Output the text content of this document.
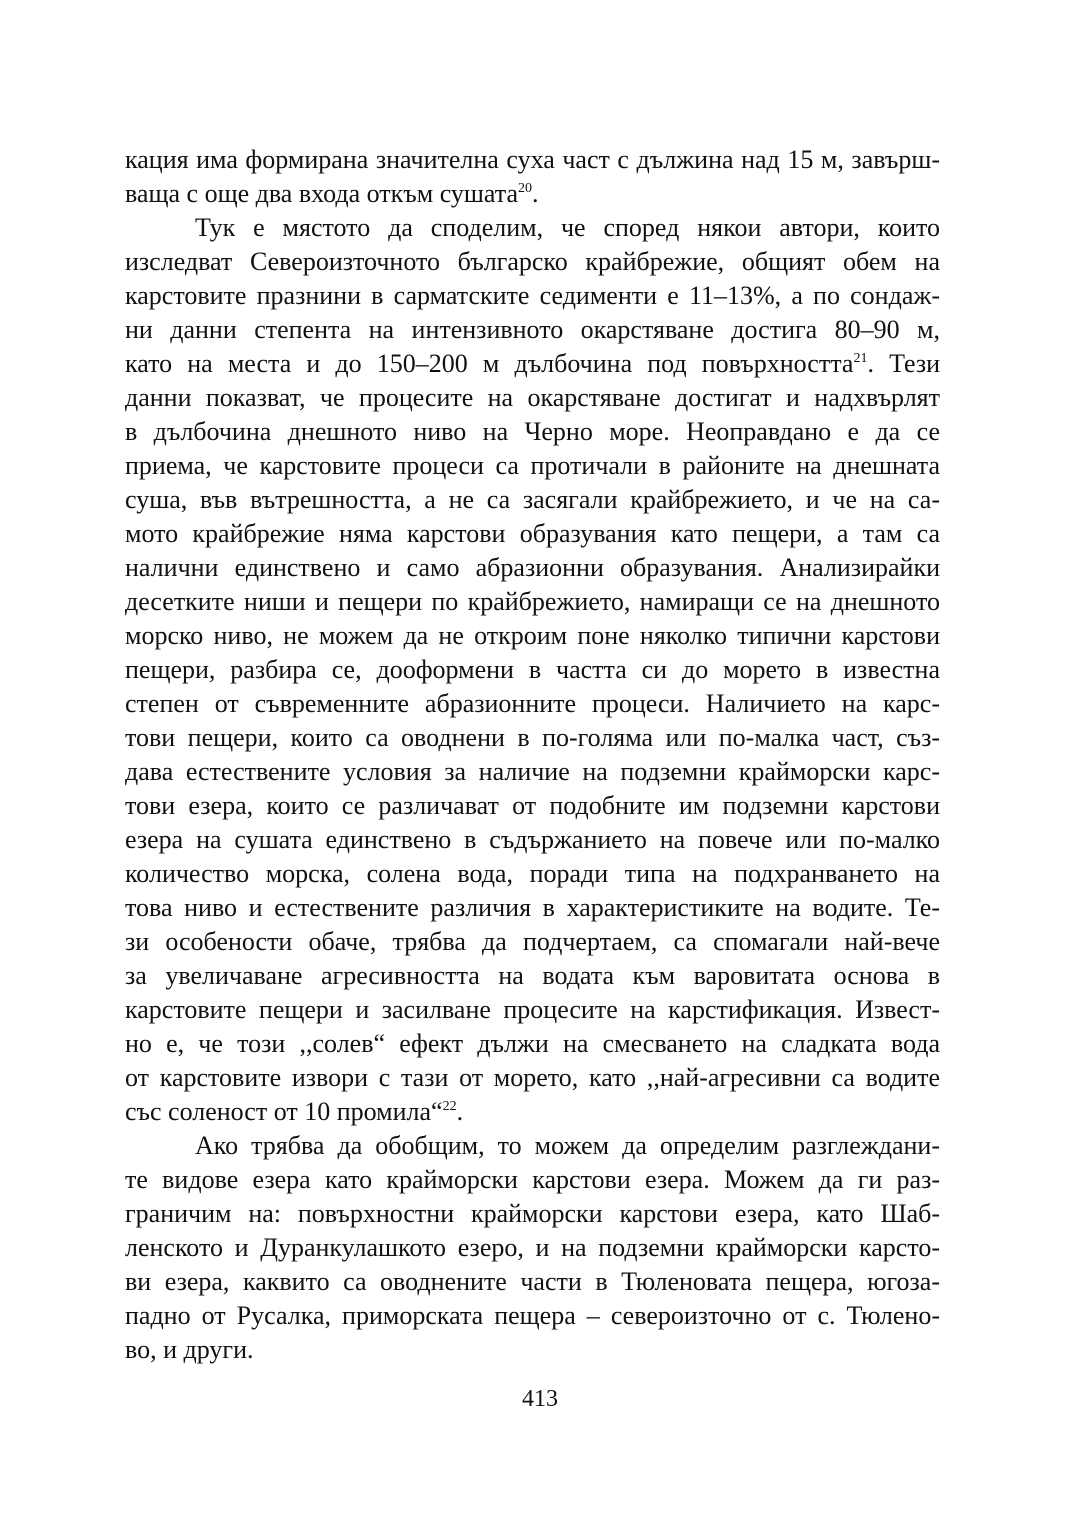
кация има формирана значителна суха част с дължина над 15 м, завърш-
ваща с още два входа откъм сушата$^{20}$.
Тук е мястото да споделим, че според някои автори, които
изследват Североизточното българско крайбрежие, общият обем на
карстовите празнини в сарматските седименти е 11–13%, а по сондаж-
ни данни степента на интензивното окарстяване достига 80–90 м,
като на места и до 150–200 м дълбочина под повърхността$^{21}$. Тези
данни показват, че процесите на окарстяване достигат и надхвърлят
в дълбочина днешното ниво на Черно море. Неоправдано е да се
приема, че карстовите процеси са протичали в районите на днешната
суша, във вътрешността, а не са засягали крайбрежието, и че на са-
мото крайбрежие няма карстови образувания като пещери, а там са
налични единствено и само абразионни образувания. Анализирайки
десетките ниши и пещери по крайбрежието, намиращи се на днешното
морско ниво, не можем да не откроим поне няколко типични карстови
пещери, разбира се, дооформени в частта си до морето в известна
степен от съвременните абразионните процеси. Наличието на карс-
тови пещери, които са оводнени в по-голяма или по-малка част, съз-
дава естествените условия за наличие на подземни крайморски карс-
тови езера, които се различават от подобните им подземни карстови
езера на сушата единствено в съдържанието на повече или по-малко
количество морска, солена вода, поради типа на подхранването на
това ниво и естествените различия в характеристиките на водите. Те-
зи особености обаче, трябва да подчертаем, са спомагали най-вече
за увеличаване агресивността на водата към варовитата основа в
карстовите пещери и засилване процесите на карстификация. Извест-
но е, че този ,,солев“ ефект дължи на смесването на сладката вода
от карстовите извори с тази от морето, като ,,най-агресивни са водите
със соленост от 10 промила“$^{22}$.
Ако трябва да обобщим, то можем да определим разглеждани-
те видове езера като крайморски карстови езера. Можем да ги раз-
граничим на: повърхностни крайморски карстови езера, като Шаб-
ленското и Дуранкулашкото езеро, и на подземни крайморски карсто-
ви езера, каквито са оводнените части в Тюленовата пещера, югоза-
падно от Русалка, приморската пещера – североизточно от с. Тюлено-
во, и други.
413
